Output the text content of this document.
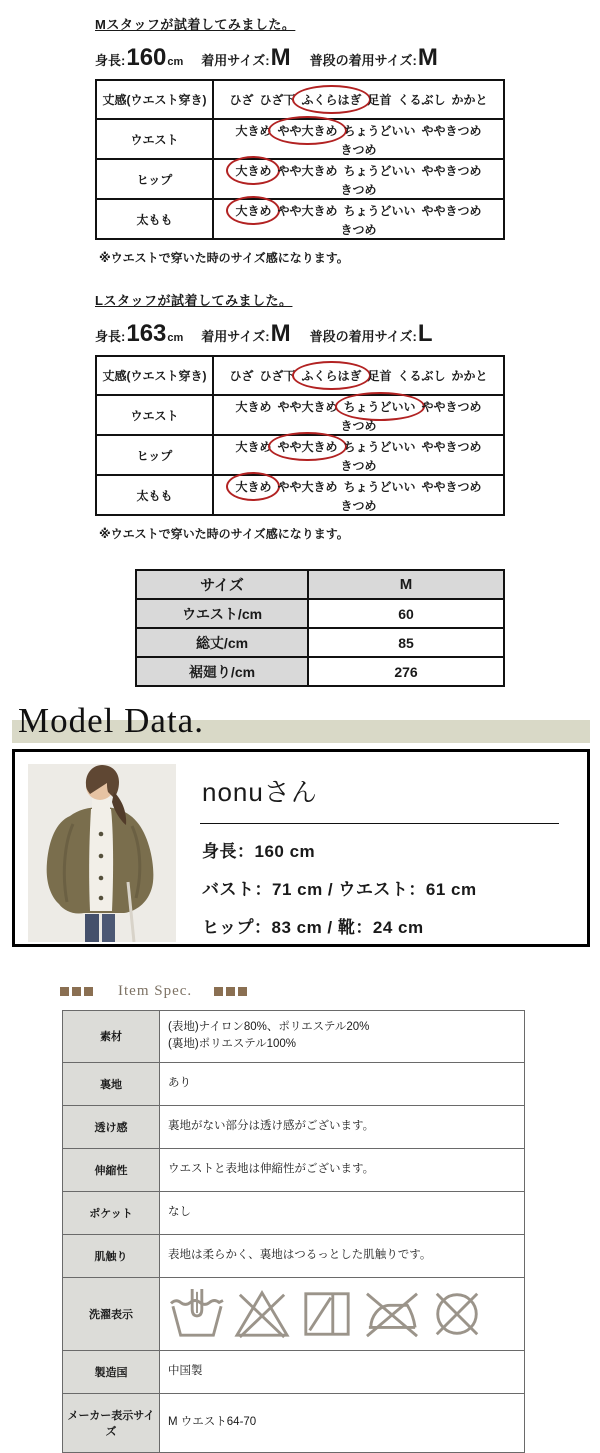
Mスタッフが試着してみました。
身長:160cm 着用サイズ:M 普段の着用サイズ:M
丈感(ウエスト穿き)	ひざ ひざ下 ふくらはぎ 足首 くるぶし かかと
ウエスト	大きめ やや大きめ ちょうどいい ややきつめきつめ
ヒップ	大きめ やや大きめ ちょうどいい ややきつめきつめ
太もも	大きめ やや大きめ ちょうどいい ややきつめきつめ

※ウエストで穿いた時のサイズ感になります。

Lスタッフが試着してみました。
身長:163cm 着用サイズ:M 普段の着用サイズ:L
丈感(ウエスト穿き)	ひざ ひざ下 ふくらはぎ 足首 くるぶし かかと
ウエスト	大きめ やや大きめ ちょうどいい ややきつめきつめ
ヒップ	大きめ やや大きめ ちょうどいい ややきつめきつめ
太もも	大きめ やや大きめ ちょうどいい ややきつめきつめ

※ウエストで穿いた時のサイズ感になります。

サイズ	M
ウエスト/cm	60
総丈/cm	85
裾廻り/cm	276
Model Data.
nonuさん

身長：160 cm

バスト：71 cm / ウエスト：61 cm

ヒップ：83 cm / 靴：24 cm

Item Spec.
素材	(表地)ナイロン80%、ポリエステル20%
(裏地)ポリエステル100%

裏地	あり

透け感	裏地がない部分は透け感がございます。

伸縮性	ウエストと表地は伸縮性がございます。

ポケット	なし

肌触り	表地は柔らかく、裏地はつるっとした肌触りです。

洗濯表示	

製造国	中国製

メーカー表示サイズ	M ウエスト64-70
